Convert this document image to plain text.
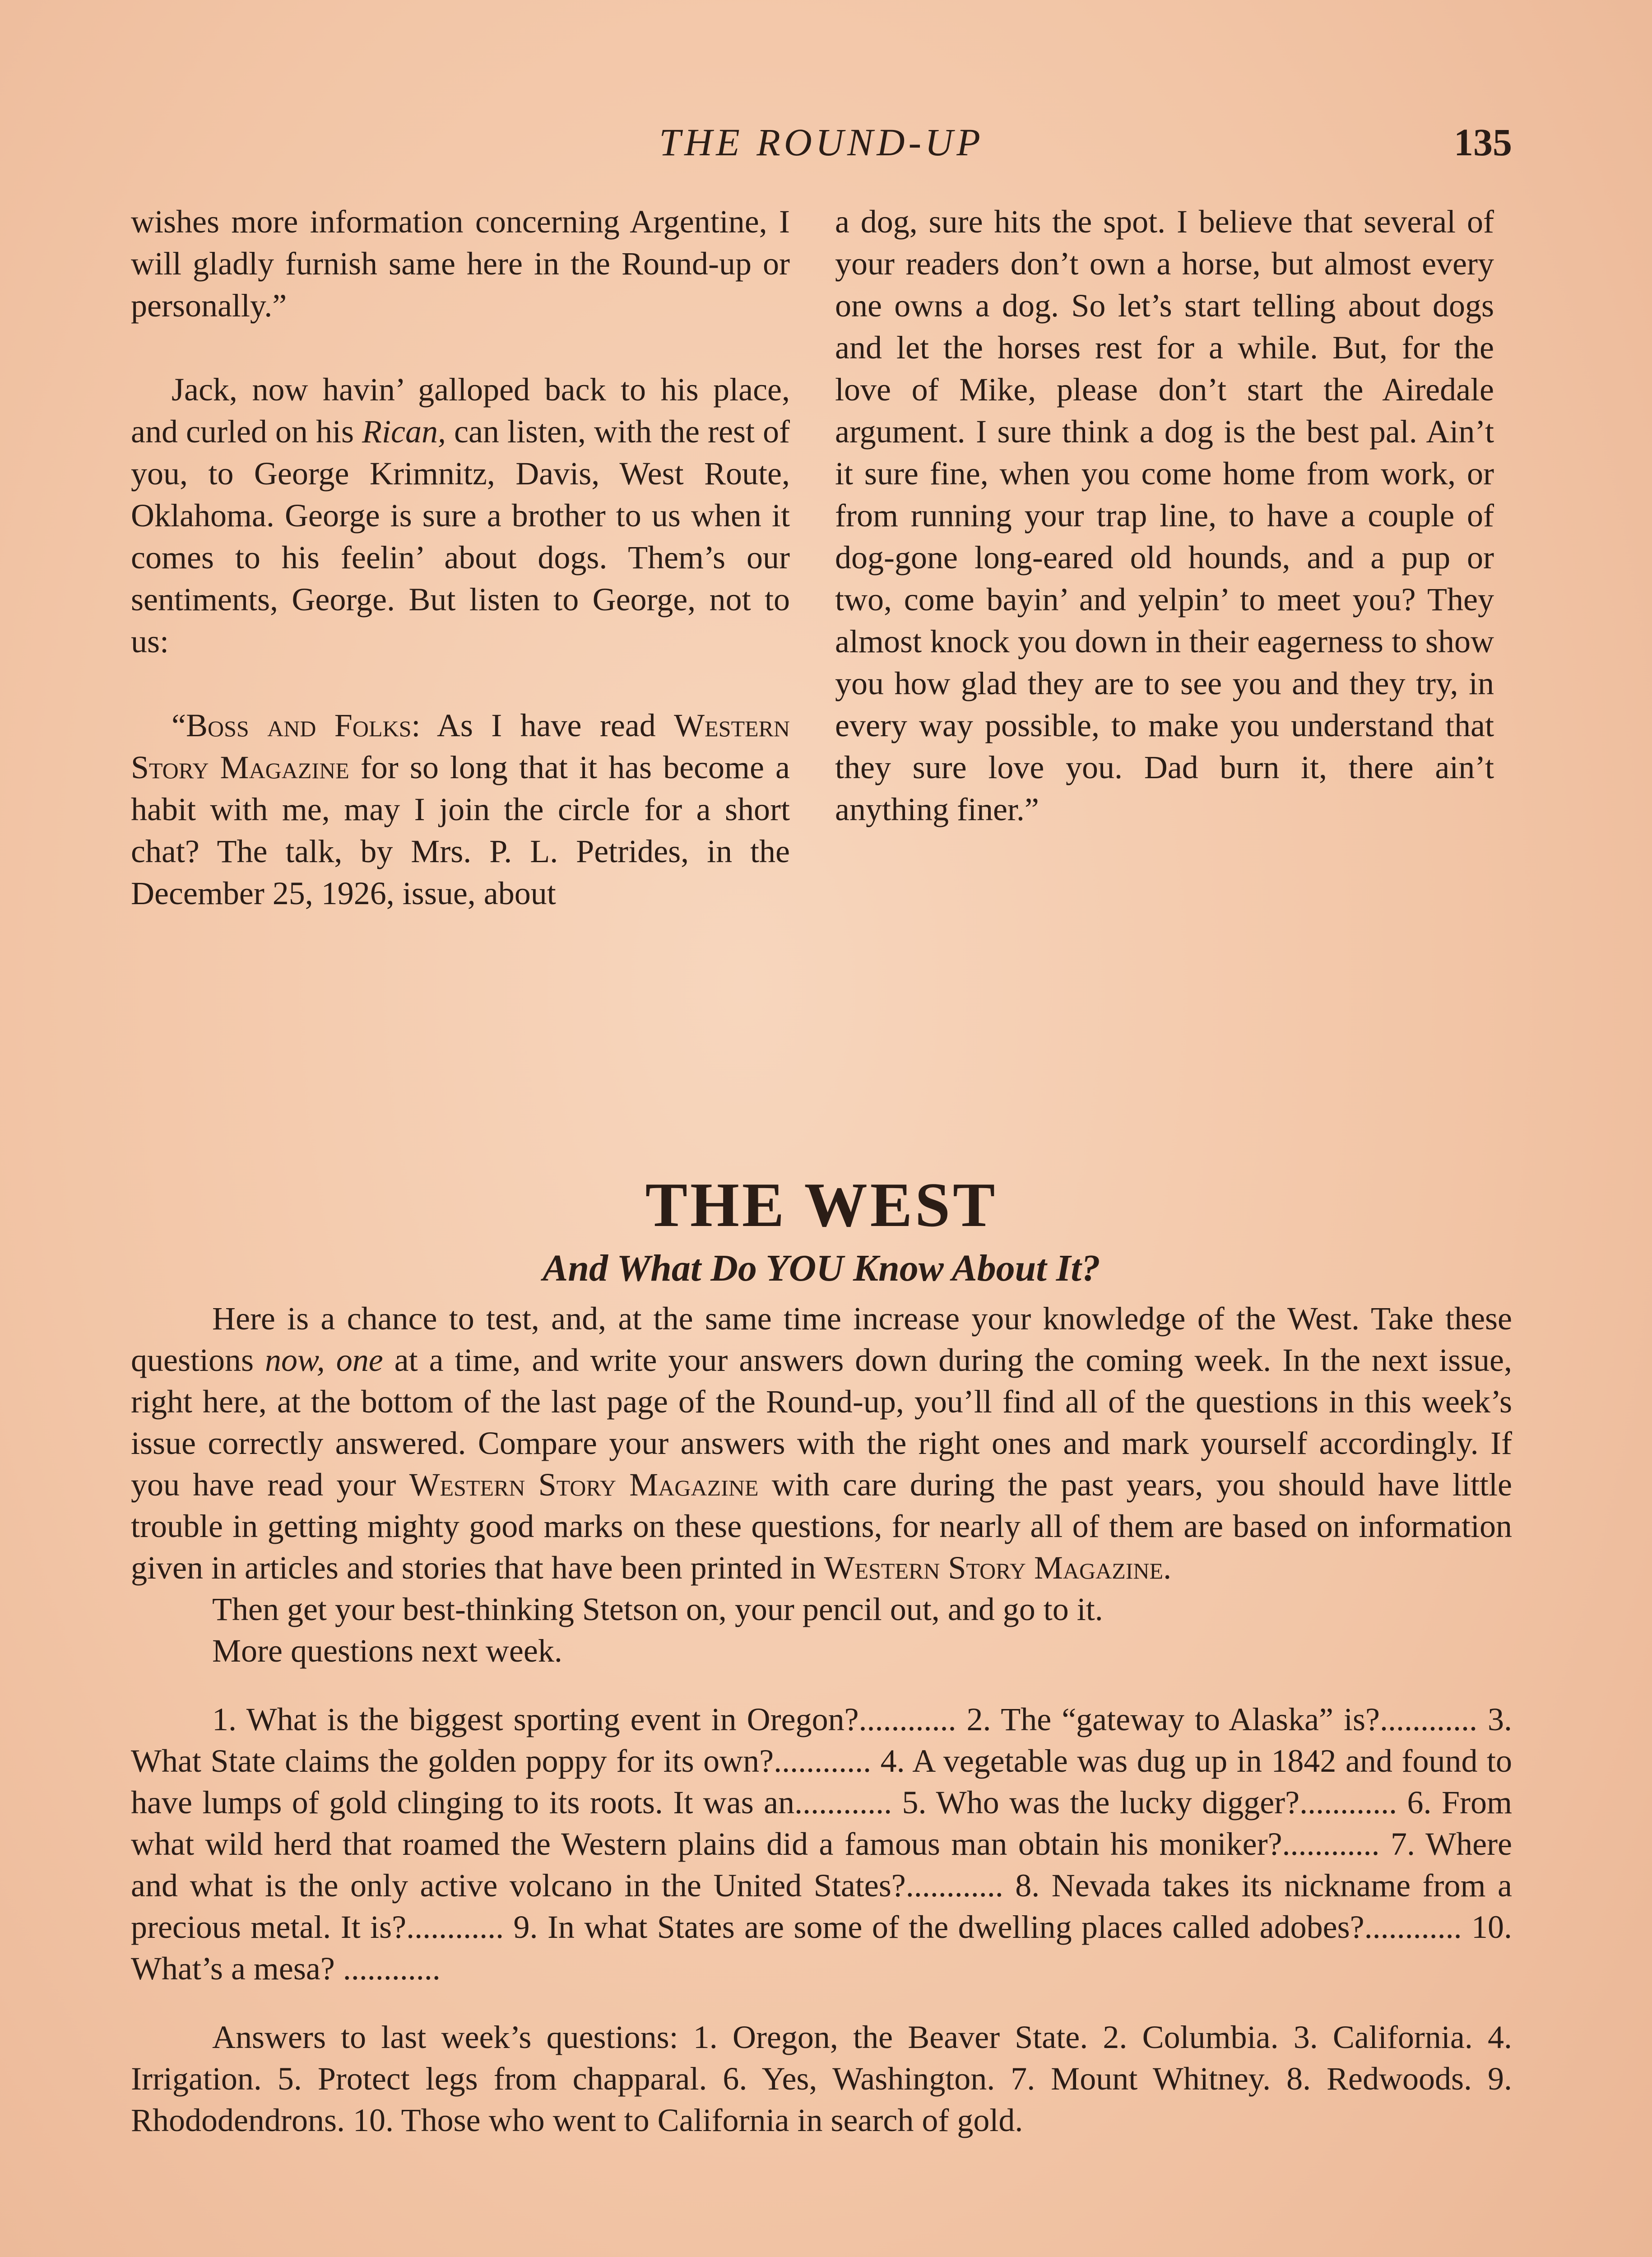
THE ROUND-UP	135

wishes more information concerning Argentine, I will gladly furnish same here in the Round-up or personally.”

Jack, now havin’ galloped back to his place, and curled on his Rican, can listen, with the rest of you, to George Krimnitz, Davis, West Route, Oklahoma. George is sure a brother to us when it comes to his feelin’ about dogs. Them’s our sentiments, George. But listen to George, not to us:

“Boss and Folks: As I have read Western Story Magazine for so long that it has become a habit with me, may I join the circle for a short chat? The talk, by Mrs. P. L. Petrides, in the December 25, 1926, issue, about

a dog, sure hits the spot. I believe that several of your readers don’t own a horse, but almost every one owns a dog. So let’s start telling about dogs and let the horses rest for a while. But, for the love of Mike, please don’t start the Airedale argument. I sure think a dog is the best pal. Ain’t it sure fine, when you come home from work, or from running your trap line, to have a couple of dog-gone long-eared old hounds, and a pup or two, come bayin’ and yelpin’ to meet you? They almost knock you down in their eagerness to show you how glad they are to see you and they try, in every way possible, to make you understand that they sure love you. Dad burn it, there ain’t anything finer.”

THE WEST
And What Do YOU Know About It?

Here is a chance to test, and, at the same time increase your knowledge of the West. Take these questions now, one at a time, and write your answers down during the coming week. In the next issue, right here, at the bottom of the last page of the Round-up, you’ll find all of the questions in this week’s issue correctly answered. Compare your answers with the right ones and mark yourself accordingly. If you have read your Western Story Magazine with care during the past years, you should have little trouble in getting mighty good marks on these questions, for nearly all of them are based on information given in articles and stories that have been printed in Western Story Magazine.

Then get your best-thinking Stetson on, your pencil out, and go to it.

More questions next week.

1. What is the biggest sporting event in Oregon?............ 2. The “gateway to Alaska” is?............ 3. What State claims the golden poppy for its own?............ 4. A vegetable was dug up in 1842 and found to have lumps of gold clinging to its roots. It was an............ 5. Who was the lucky digger?............ 6. From what wild herd that roamed the Western plains did a famous man obtain his moniker?............ 7. Where and what is the only active volcano in the United States?............ 8. Nevada takes its nickname from a precious metal. It is?............ 9. In what States are some of the dwelling places called adobes?............ 10. What’s a mesa? ............

Answers to last week’s questions: 1. Oregon, the Beaver State. 2. Columbia. 3. California. 4. Irrigation. 5. Protect legs from chapparal. 6. Yes, Washington. 7. Mount Whitney. 8. Redwoods. 9. Rhododendrons. 10. Those who went to California in search of gold.
